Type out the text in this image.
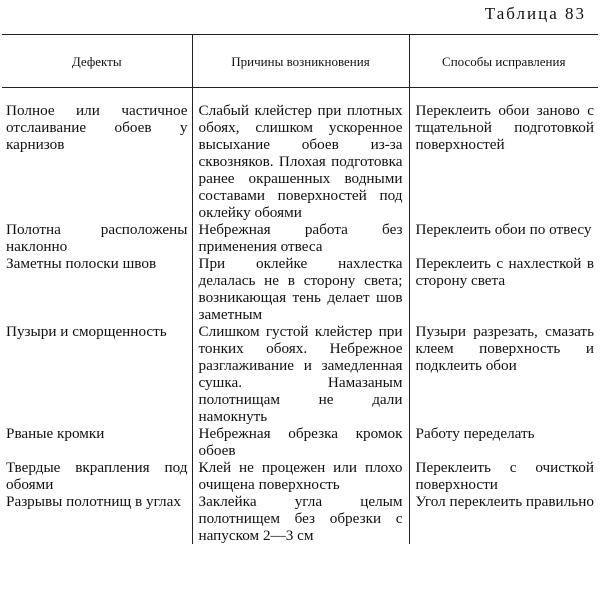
Таблица 83
Дефекты	Причины возникновения	Способы исправления
Полное или частичное отслаивание обоев у карнизов	Слабый клейстер при плотных обоях, слишком ускоренное высыхание обоев из-за сквозняков. Плохая подготовка ранее окрашенных водными составами поверхностей под оклейку обоями	Переклеить обои заново с тщательной подготовкой поверхностей
Полотна расположены наклонно	Небрежная работа без применения отвеса	Переклеить обои по отвесу
Заметны полоски швов	При оклейке нахлестка делалась не в сторону света; возникающая тень делает шов заметным	Переклеить с нахлесткой в сторону света
Пузыри и сморщенность	Слишком густой клейстер при тонких обоях. Небрежное разглаживание и замедленная сушка. Намазаным полотнищам не дали намокнуть	Пузыри разрезать, смазать клеем поверхность и подклеить обои
Рваные кромки	Небрежная обрезка кромок обоев	Работу переделать
Твердые вкрапления под обоями	Клей не процежен или плохо очищена поверхность	Переклеить с очисткой поверхности
Разрывы полотнищ в углах	Заклейка угла целым полотнищем без обрезки с напуском 2—3 см	Угол переклеить правильно
